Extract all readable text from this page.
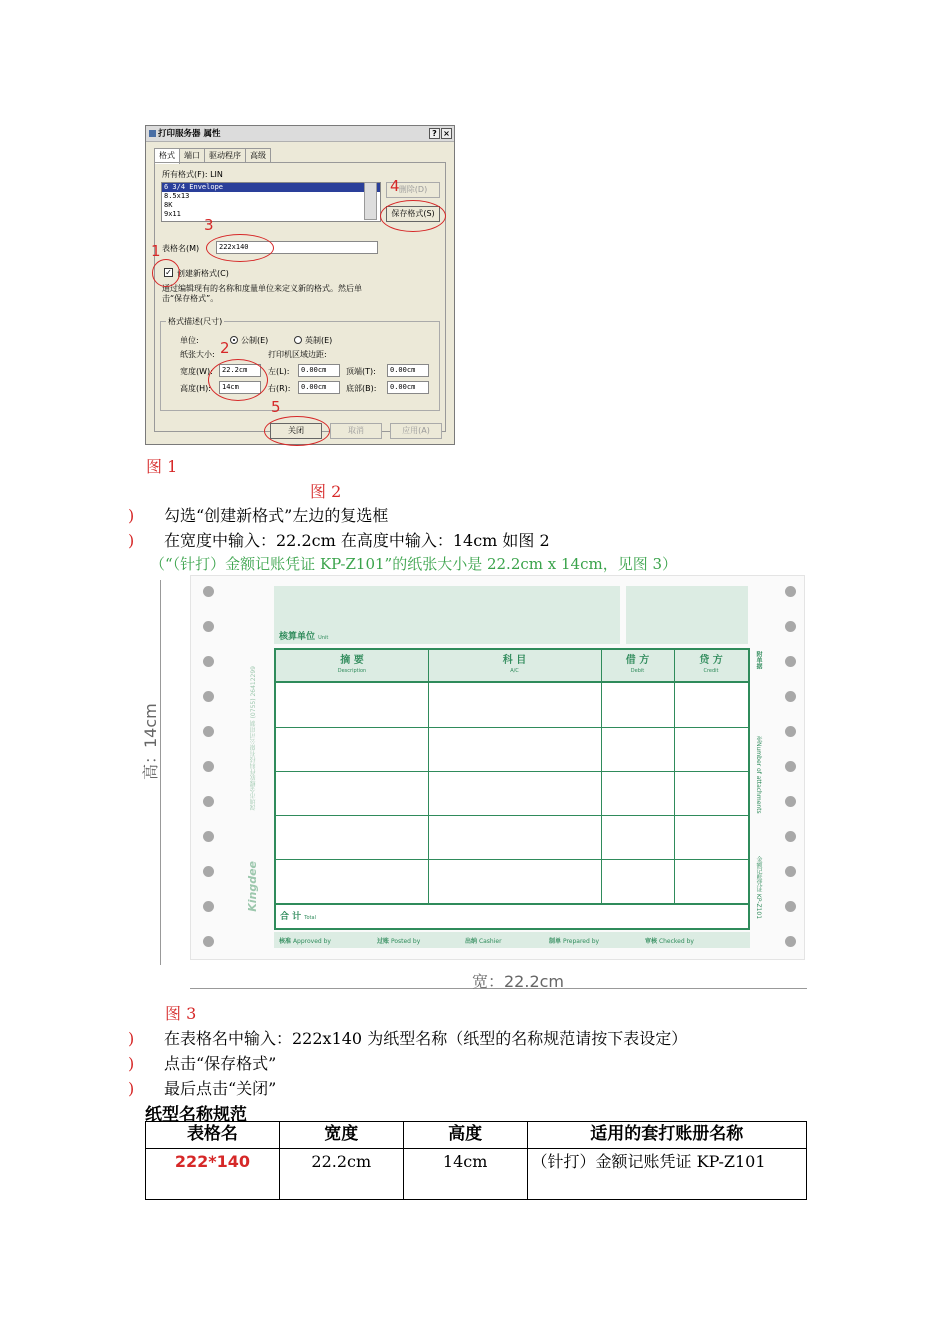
打印服务器 属性	? ×
格式	端口	驱动程序	高级
所有格式(F): LIN
6 3/4 Envelope
8.5x13
8K
9x11
删除(D)
保存格式(S)
表格名(M)	222x140
✓ 创建新格式(C)
通过编辑现有的名称和度量单位来定义新的格式。然后单击“保存格式”。
格式描述(尺寸)
单位:	公制(E)	英制(E)
纸张大小:	打印机区域边距:
宽度(W):	22.2cm
高度(H):	14cm
左(L):	0.00cm
右(R):	0.00cm
顶端(T):	0.00cm
底部(B):	0.00cm
关闭	取消	应用(A)
1
2
3
4
5
图 1
图 2
) 勾选“创建新格式”左边的复选框
) 在宽度中输入：22.2cm 在高度中输入：14cm 如图 2
（“（针打）金额记账凭证 KP-Z101”的纸张大小是 22.2cm x 14cm，见图 3）
高：14cm
核算单位 Unit
摘 要
Description
科 目
A/C
借 方
Debit
贷 方
Credit
合 计 Total
核准 Approved by	过账 Posted by	出纳 Cashier	制单 Prepared by	审核 Checked by
深圳市金蝶软件科技有限公司印制 (0755) 26412299
Kingdee
附单据
张Number of attachments
金额记账凭证 KP-Z101
宽：22.2cm
图 3
) 在表格名中输入：222x140 为纸型名称（纸型的名称规范请按下表设定）
) 点击“保存格式”
) 最后点击“关闭”
纸型名称规范
表格名	宽度	高度	适用的套打账册名称
222*140	22.2cm	14cm	（针打）金额记账凭证 KP-Z101
